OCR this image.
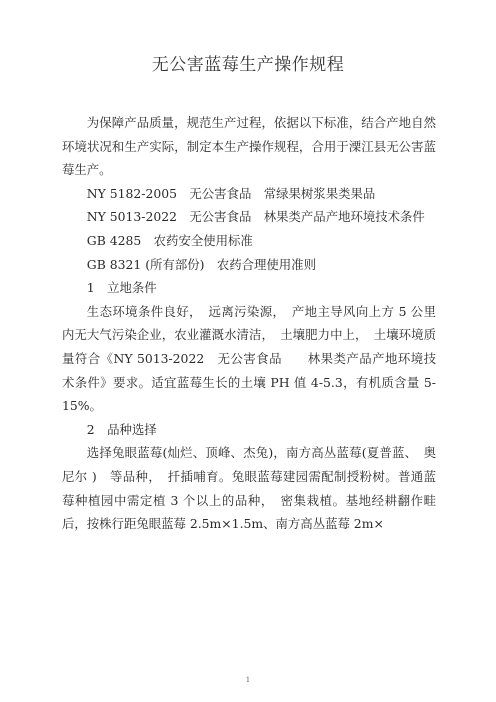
无公害蓝莓生产操作规程

为保障产品质量，规范生产过程，依据以下标准，结合产地自然环境状况和生产实际，制定本生产操作规程，合用于溧江县无公害蓝莓生产。

NY 5182-2005　无公害食品　常绿果树浆果类果品

NY 5013-2022　无公害食品　林果类产品产地环境技术条件

GB 4285　农药安全使用标准

GB 8321 (所有部份)　农药合理使用准则

1　立地条件

生态环境条件良好，　远离污染源，　产地主导风向上方 5 公里内无大气污染企业，农业灌溉水清洁，　土壤肥力中上，　土壤环境质量符合《NY 5013-2022　无公害食品　　林果类产品产地环境技术条件》要求。适宜蓝莓生长的土壤 PH 值 4-5.3，有机质含量 5-15%。

2　品种选择

选择兔眼蓝莓(灿烂、顶峰、杰兔)，南方高丛蓝莓(夏普蓝、　奥尼尔 )　等品种，　扦插哺育。兔眼蓝莓建园需配制授粉树。普通蓝莓种植园中需定植 3 个以上的品种，　密集栽植。基地经耕翻作畦后，按株行距兔眼蓝莓 2.5m×1.5m、南方高丛蓝莓 2m×

1
